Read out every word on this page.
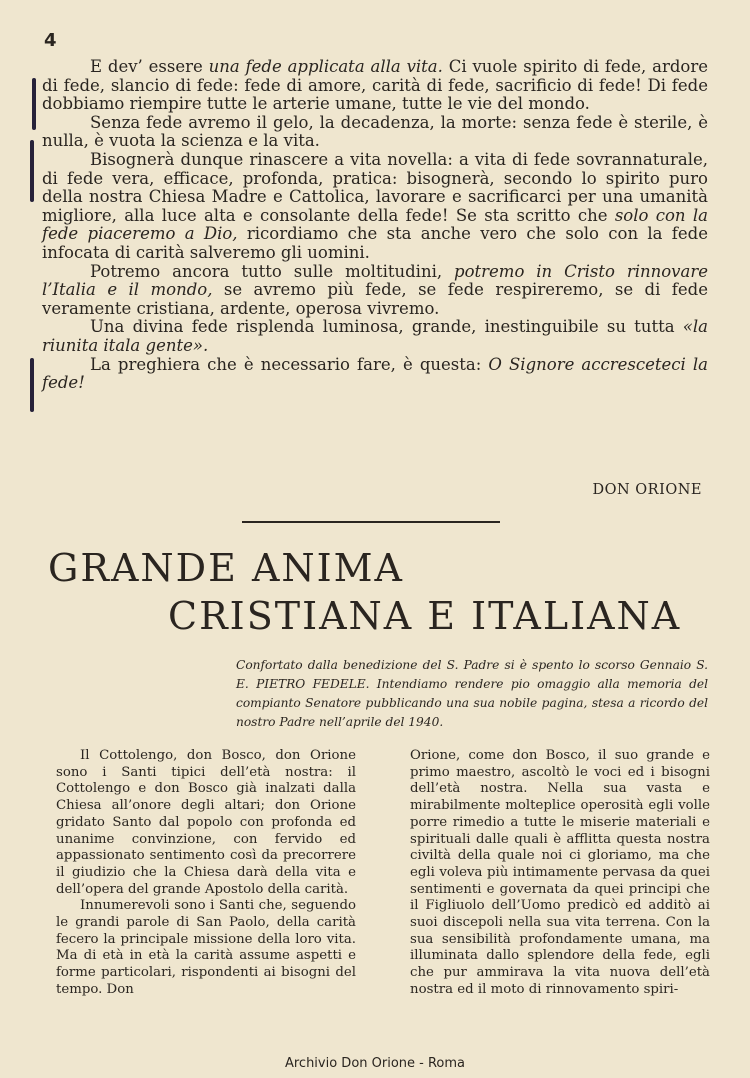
4

E dev’ essere una fede applicata alla vita. Ci vuole spirito di fede, ardore di fede, slancio di fede: fede di amore, carità di fede, sacrificio di fede! Di fede dobbiamo riempire tutte le arterie umane, tutte le vie del mondo.

Senza fede avremo il gelo, la decadenza, la morte: senza fede è sterile, è nulla, è vuota la scienza e la vita.

Bisognerà dunque rinascere a vita novella: a vita di fede sovrannaturale, di fede vera, efficace, profonda, pratica: bisognerà, secondo lo spirito puro della nostra Chiesa Madre e Cattolica, lavorare e sacrificarci per una umanità migliore, alla luce alta e consolante della fede! Se sta scritto che solo con la fede piaceremo a Dio, ricordiamo che sta anche vero che solo con la fede infocata di carità salveremo gli uomini.

Potremo ancora tutto sulle moltitudini, potremo in Cristo rinnovare l’Italia e il mondo, se avremo più fede, se fede respireremo, se di fede veramente cristiana, ardente, operosa vivremo.

Una divina fede risplenda luminosa, grande, inestinguibile su tutta «la riunita itala gente».

La preghiera che è necessario fare, è questa: O Signore accresceteci la fede!

DON ORIONE
GRANDE ANIMA
CRISTIANA E ITALIANA
Confortato dalla benedizione del S. Padre si è spento lo scorso Gennaio S. E. PIETRO FEDELE. Intendiamo rendere pio omaggio alla memoria del compianto Senatore pubblicando una sua nobile pagina, stesa a ricordo del nostro Padre nell’aprile del 1940.

Il Cottolengo, don Bosco, don Orione sono i Santi tipici dell’età nostra: il Cottolengo e don Bosco già inalzati dalla Chiesa all’onore degli altari; don Orione gridato Santo dal popolo con profonda ed unanime convinzione, con fervido ed appassionato sentimento così da precorrere il giudizio che la Chiesa darà della vita e dell’opera del grande Apostolo della carità.

Innumerevoli sono i Santi che, seguendo le grandi parole di San Paolo, della carità fecero la principale missione della loro vita. Ma di età in età la carità assume aspetti e forme particolari, rispondenti ai bisogni del tempo. Don

Orione, come don Bosco, il suo grande e primo maestro, ascoltò le voci ed i bisogni dell’età nostra. Nella sua vasta e mirabilmente molteplice operosità egli volle porre rimedio a tutte le miserie materiali e spirituali dalle quali è afflitta questa nostra civiltà della quale noi ci gloriamo, ma che egli voleva più intimamente pervasa da quei sentimenti e governata da quei principi che il Figliuolo dell’Uomo predicò ed additò ai suoi discepoli nella sua vita terrena. Con la sua sensibilità profondamente umana, ma illuminata dallo splendore della fede, egli che pur ammirava la vita nuova dell’età nostra ed il moto di rinnovamento spiri-

Archivio Don Orione - Roma
